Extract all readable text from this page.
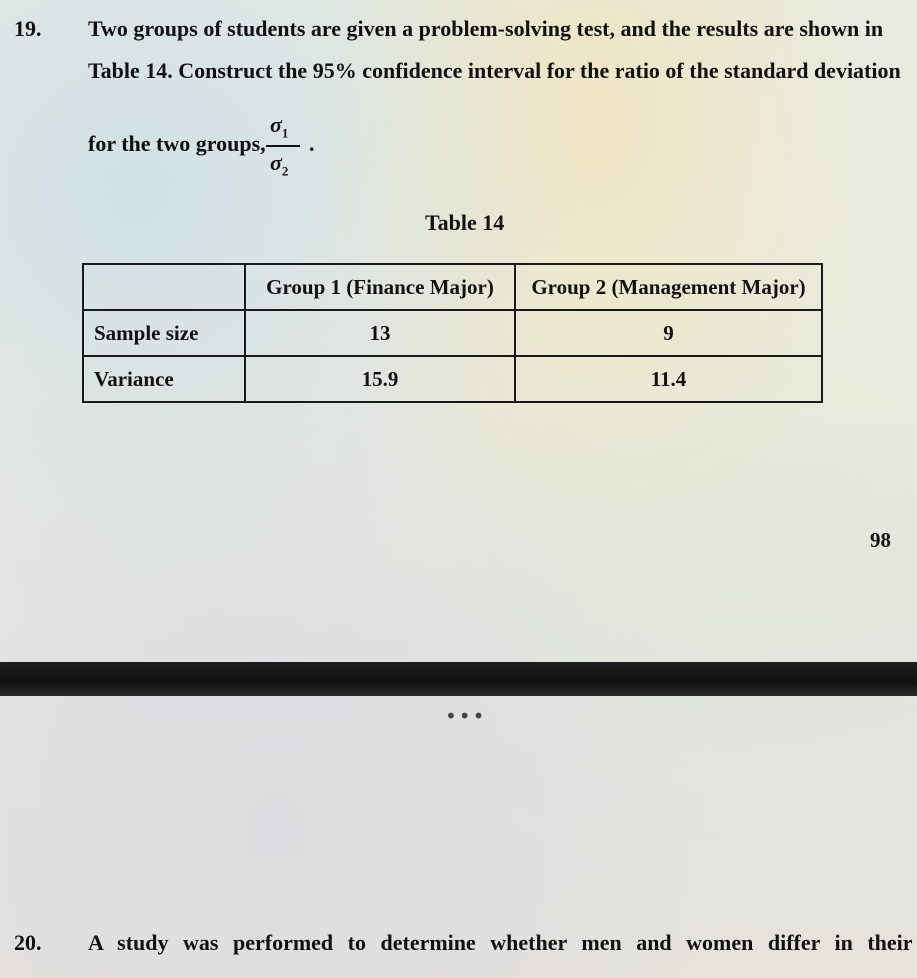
19. Two groups of students are given a problem-solving test, and the results are shown in
Table 14. Construct the 95% confidence interval for the ratio of the standard deviation
for the two groups,
$\sigma_1$
$\sigma_2$
.
Table 14
	Group 1 (Finance Major)	Group 2 (Management Major)
Sample size	13	9
Variance	15.9	11.4
98
•••
20. A study was performed to determine whether men and women differ in their
